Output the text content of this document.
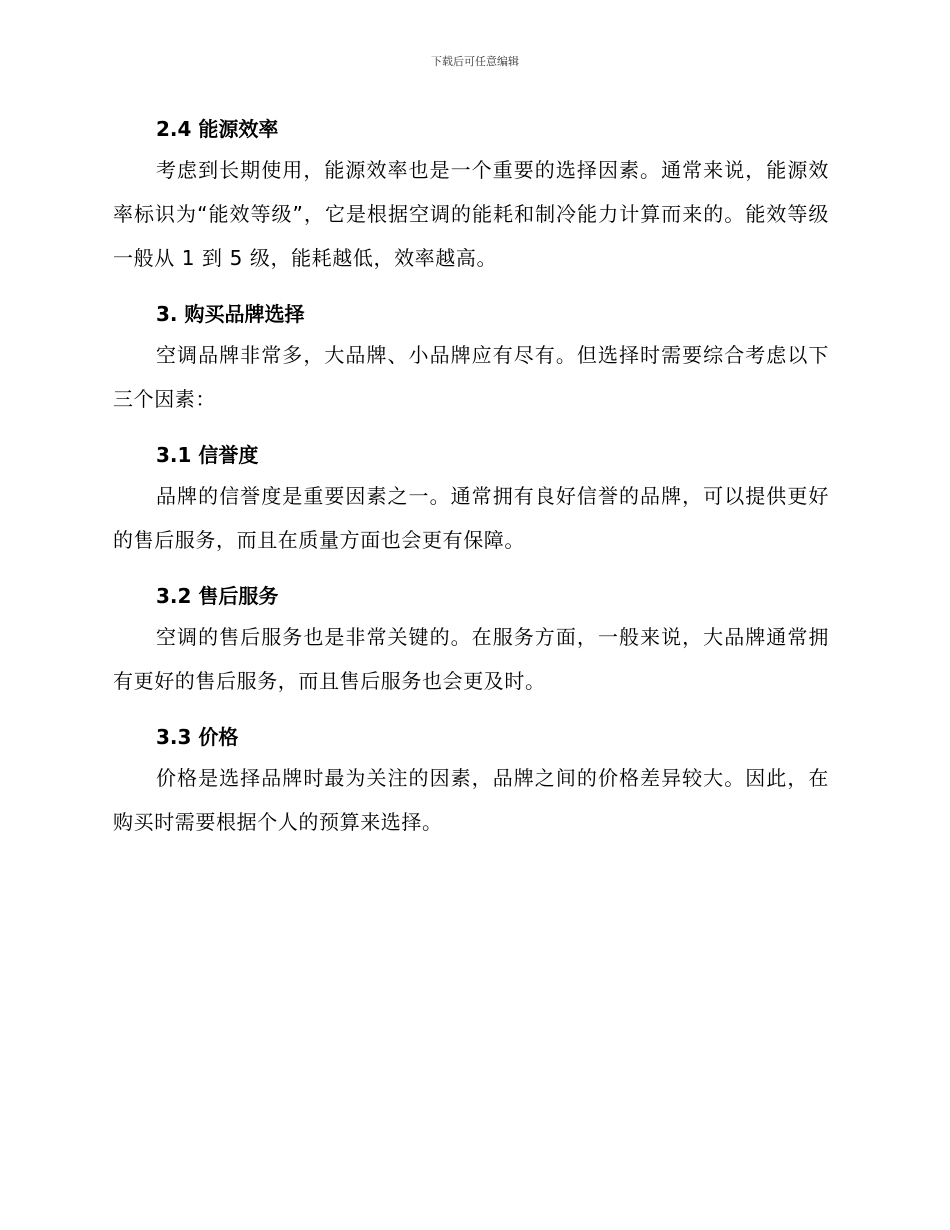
下载后可任意编辑
2.4 能源效率

考虑到长期使用，能源效率也是一个重要的选择因素。通常来说，能源效率标识为“能效等级”，它是根据空调的能耗和制冷能力计算而来的。能效等级一般从 1 到 5 级，能耗越低，效率越高。

3. 购买品牌选择

空调品牌非常多，大品牌、小品牌应有尽有。但选择时需要综合考虑以下三个因素：

3.1 信誉度

品牌的信誉度是重要因素之一。通常拥有良好信誉的品牌，可以提供更好的售后服务，而且在质量方面也会更有保障。

3.2 售后服务

空调的售后服务也是非常关键的。在服务方面，一般来说，大品牌通常拥有更好的售后服务，而且售后服务也会更及时。

3.3 价格

价格是选择品牌时最为关注的因素，品牌之间的价格差异较大。因此，在购买时需要根据个人的预算来选择。
